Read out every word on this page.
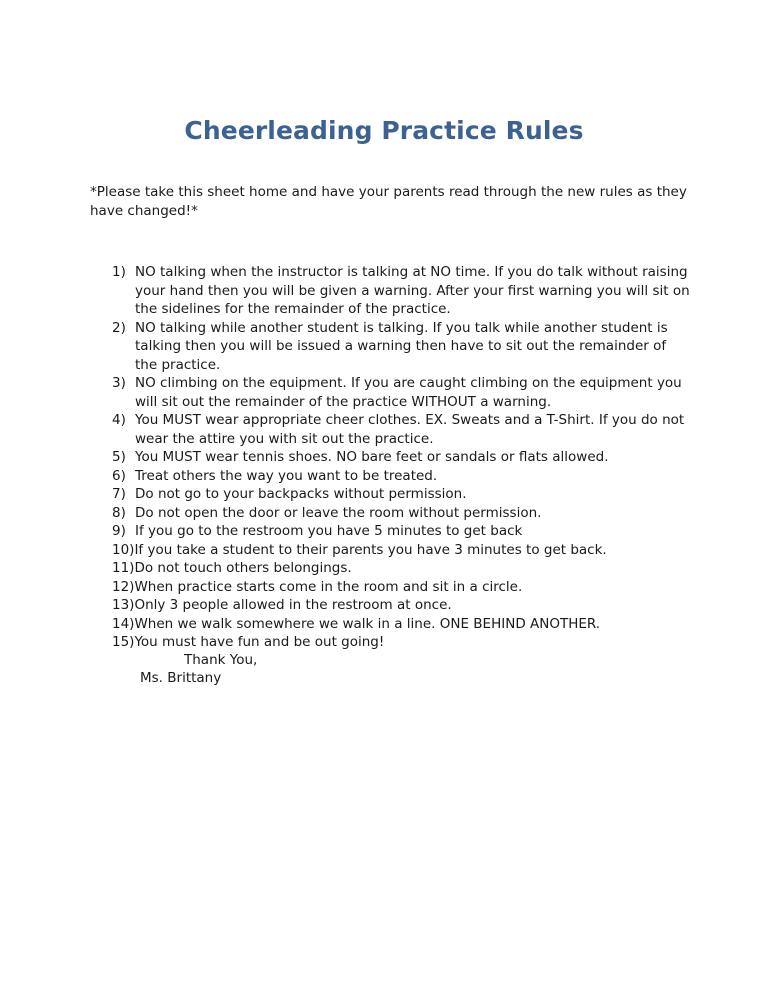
Cheerleading Practice Rules

*Please take this sheet home and have your parents read through the new rules as they have changed!*

1) NO talking when the instructor is talking at NO time. If you do talk without raising your hand then you will be given a warning. After your first warning you will sit on the sidelines for the remainder of the practice.
2) NO talking while another student is talking. If you talk while another student is talking then you will be issued a warning then have to sit out the remainder of the practice.
3) NO climbing on the equipment. If you are caught climbing on the equipment you will sit out the remainder of the practice WITHOUT a warning.
4) You MUST wear appropriate cheer clothes. EX. Sweats and a T-Shirt. If you do not wear the attire you with sit out the practice.
5) You MUST wear tennis shoes. NO bare feet or sandals or flats allowed.
6) Treat others the way you want to be treated.
7) Do not go to your backpacks without permission.
8) Do not open the door or leave the room without permission.
9) If you go to the restroom you have 5 minutes to get back
10) If you take a student to their parents you have 3 minutes to get back.
11) Do not touch others belongings.
12) When practice starts come in the room and sit in a circle.
13) Only 3 people allowed in the restroom at once.
14) When we walk somewhere we walk in a line. ONE BEHIND ANOTHER.
15) You must have fun and be out going!

Thank You,

Ms. Brittany
